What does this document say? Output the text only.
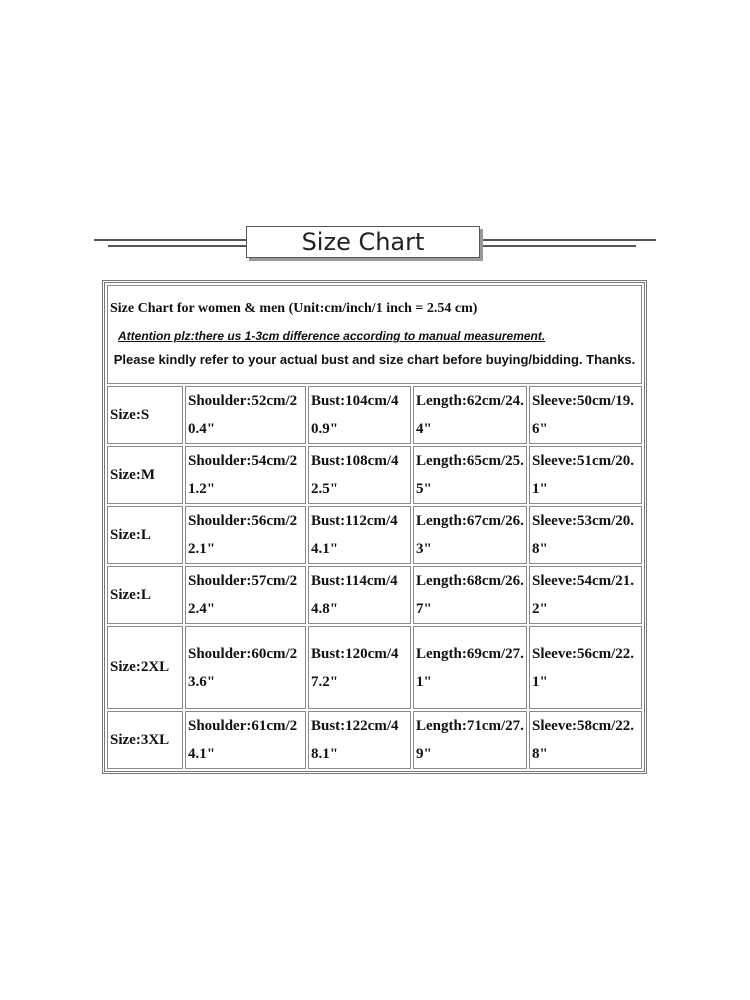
Size Chart
Size Chart for women & men (Unit:cm/inch/1 inch = 2.54 cm)
Attention plz:there us 1-3cm difference according to manual measurement.
Please kindly refer to your actual bust and size chart before buying/bidding. Thanks.				

Size:S	Shoulder:52cm/20.4"	Bust:104cm/40.9"	Length:62cm/24.4"	Sleeve:50cm/19.6"
Size:M	Shoulder:54cm/21.2"	Bust:108cm/42.5"	Length:65cm/25.5"	Sleeve:51cm/20.1"
Size:L	Shoulder:56cm/22.1"	Bust:112cm/44.1"	Length:67cm/26.3"	Sleeve:53cm/20.8"
Size:L	Shoulder:57cm/22.4"	Bust:114cm/44.8"	Length:68cm/26.7"	Sleeve:54cm/21.2"
Size:2XL	Shoulder:60cm/23.6"	Bust:120cm/47.2"	Length:69cm/27.1"	Sleeve:56cm/22.1"
Size:3XL	Shoulder:61cm/24.1"	Bust:122cm/48.1"	Length:71cm/27.9"	Sleeve:58cm/22.8"
